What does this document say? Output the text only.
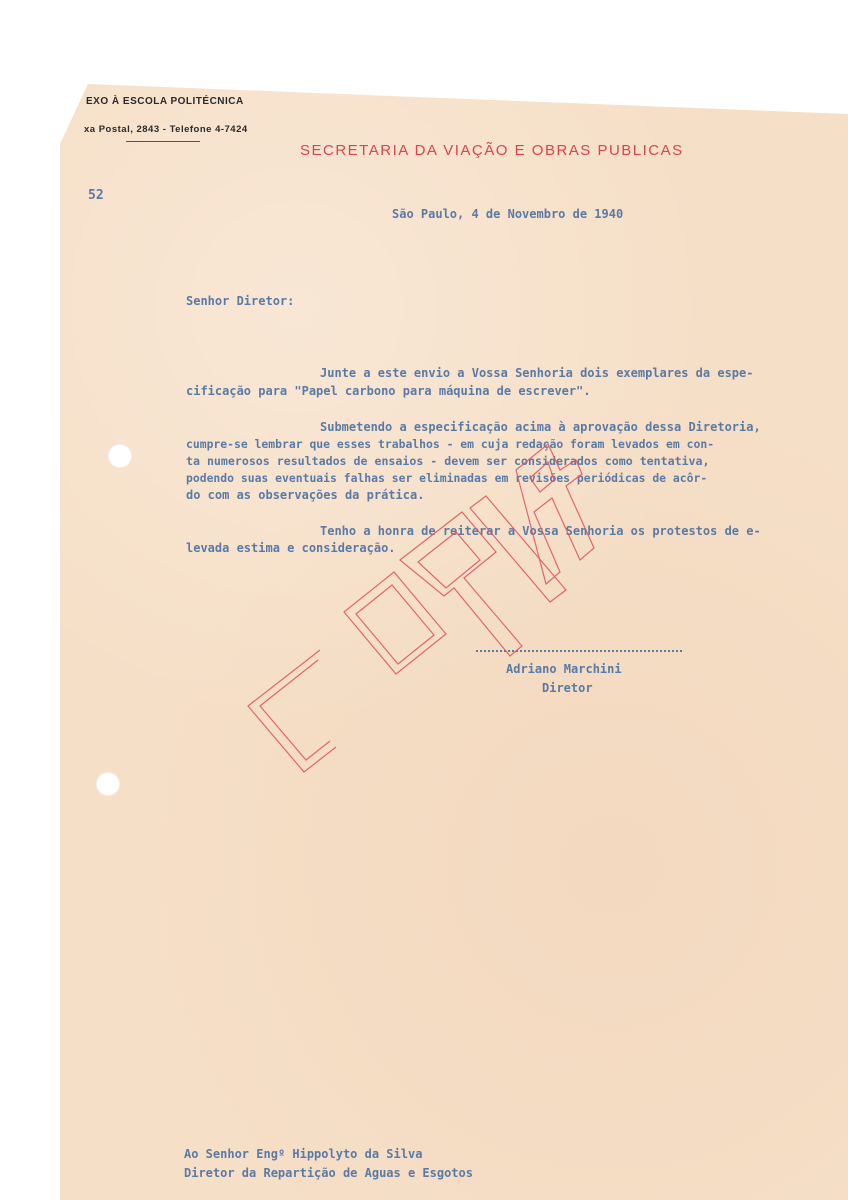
EXO À ESCOLA POLITÉCNICA
xa Postal, 2843 - Telefone 4-7424
SECRETARIA DA VIAÇÃO E OBRAS PUBLICAS
52
São Paulo, 4 de Novembro de 1940
Senhor Diretor:
Junte a este envio a Vossa Senhoria dois exemplares da espe-
cificação para "Papel carbono para máquina de escrever".
Submetendo a especificação acima à aprovação dessa Diretoria,
cumpre-se lembrar que esses trabalhos - em cuja redação foram levados em con-
ta numerosos resultados de ensaios - devem ser considerados como tentativa,
podendo suas eventuais falhas ser eliminadas em revisões periódicas de acôr-
do com as observações da prática.
Tenho a honra de reiterar a Vossa Senhoria os protestos de e-
levada estima e consideração.
Adriano Marchini
Diretor
Ao Senhor Engº Hippolyto da Silva
Diretor da Repartição de Aguas e Esgotos
